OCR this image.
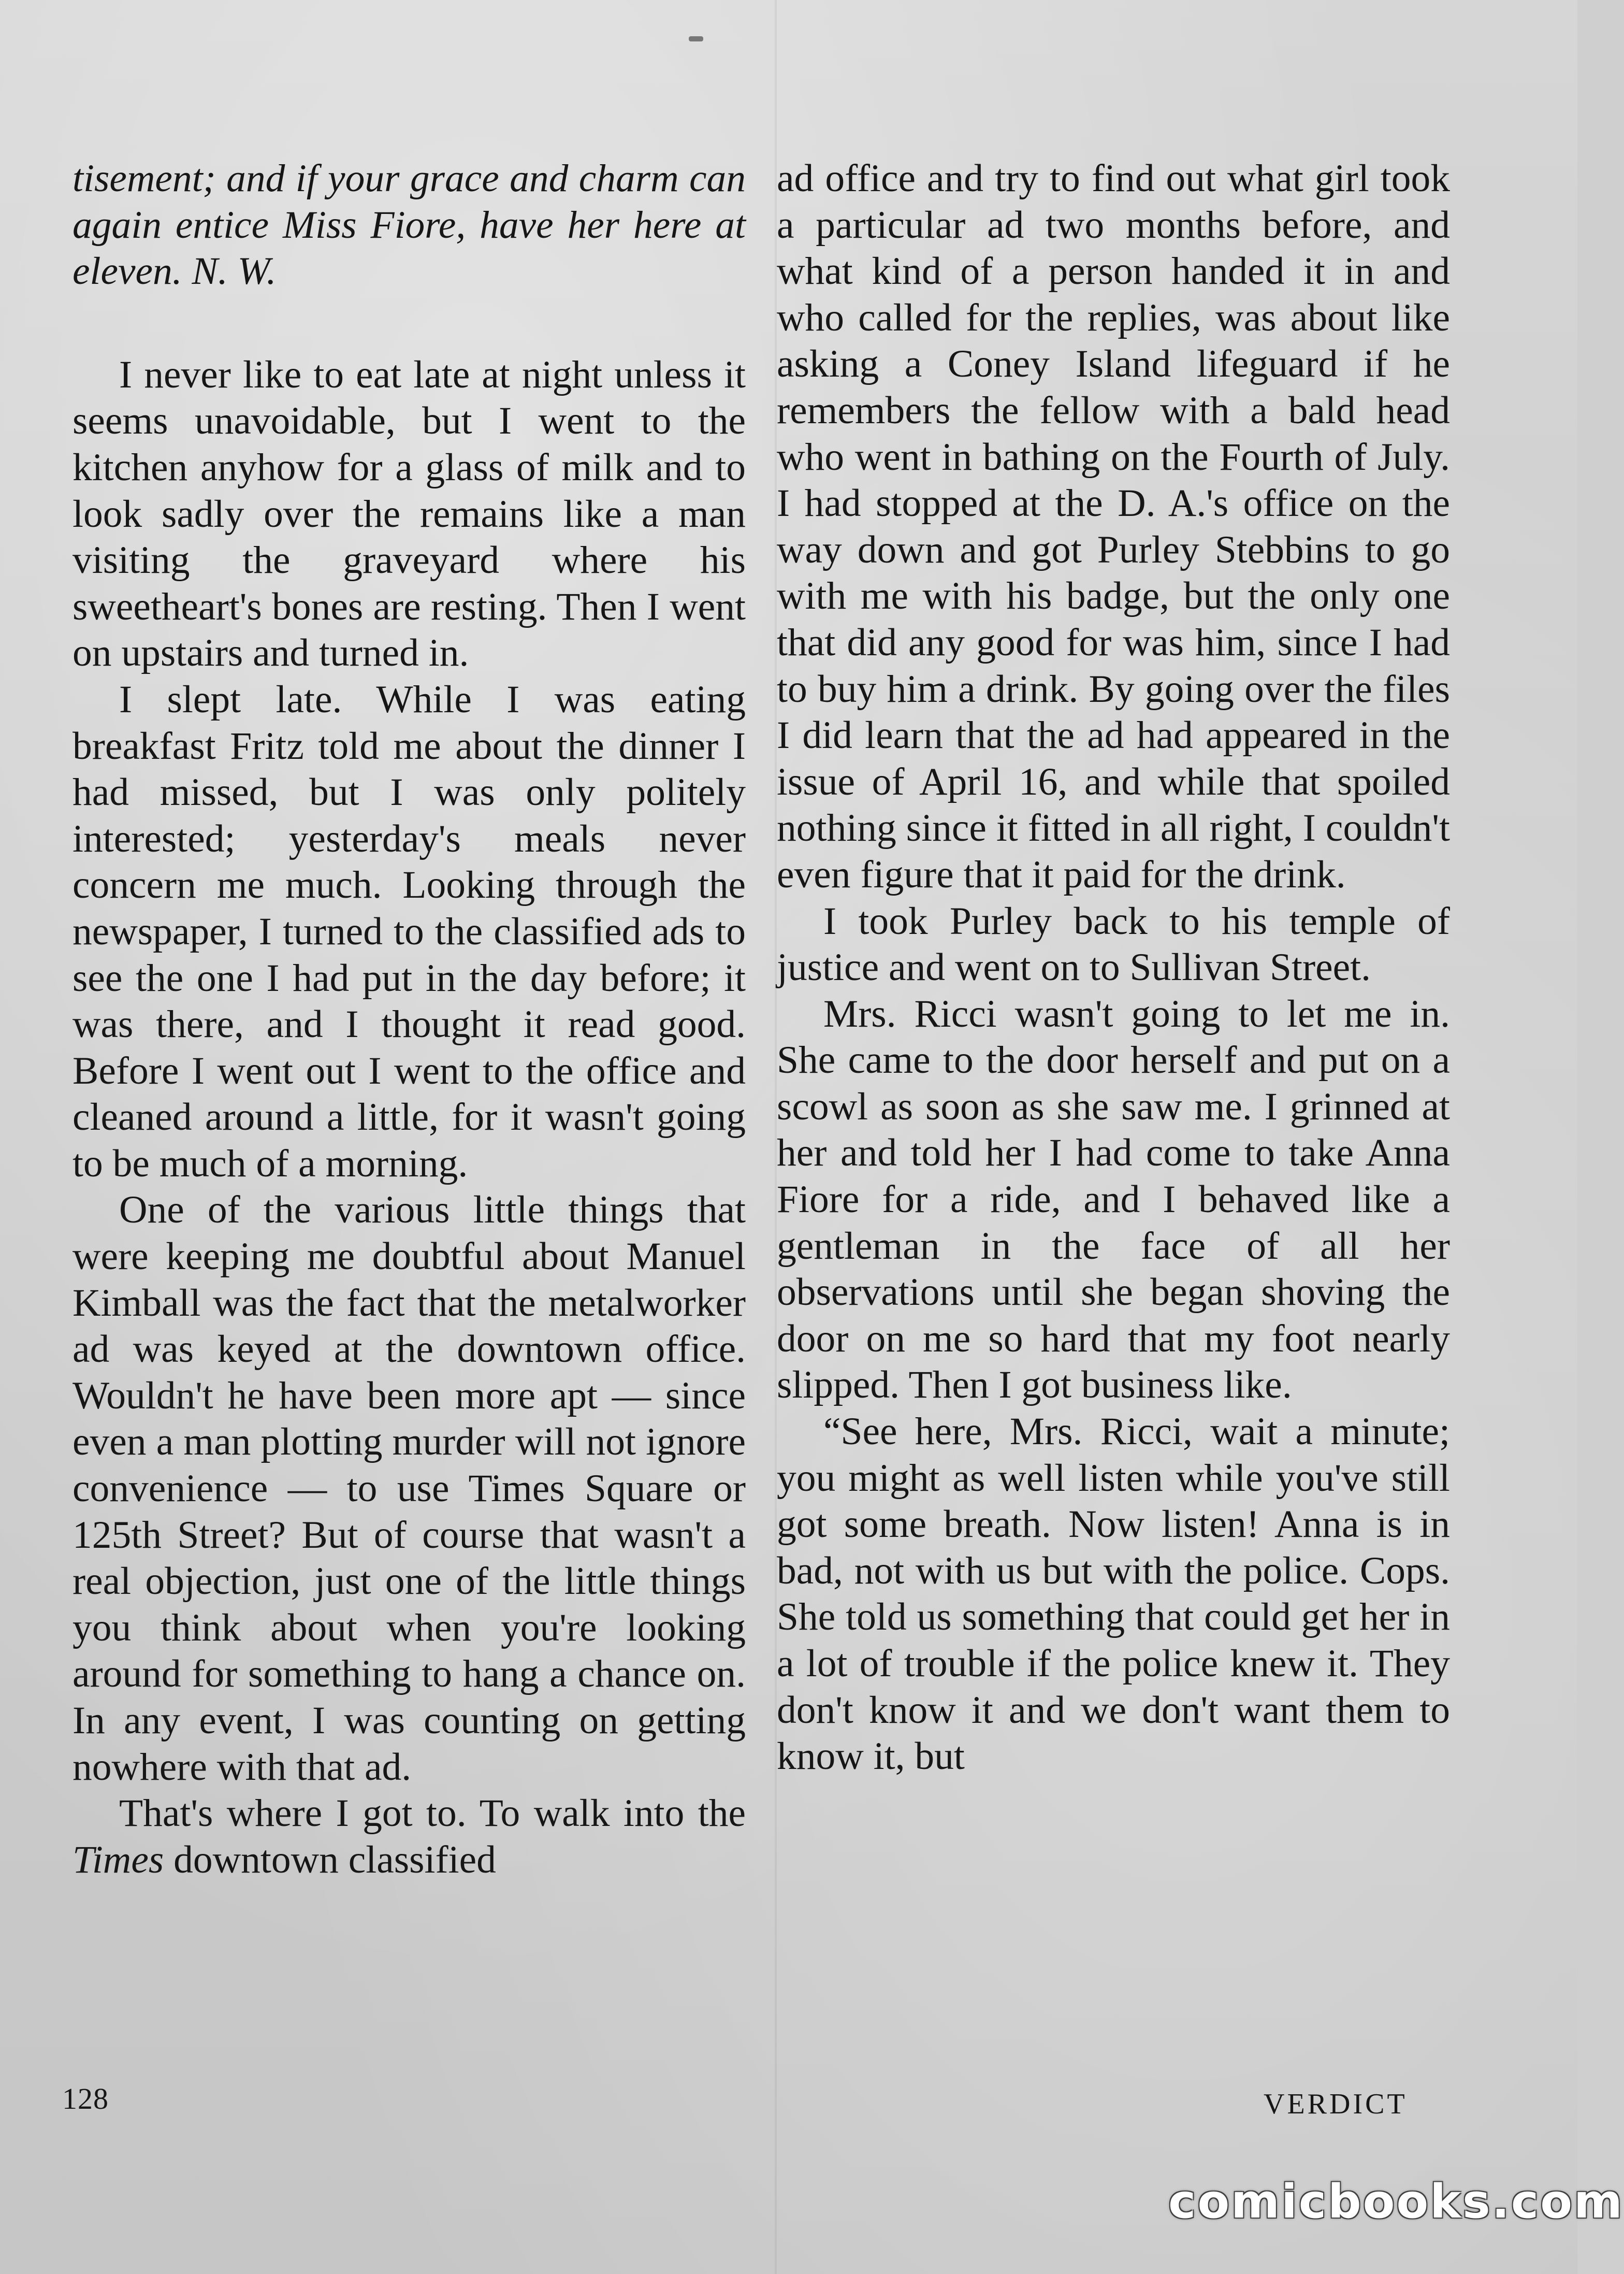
tisement; and if your grace and charm can again entice Miss Fiore, have her here at eleven. N. W.

I never like to eat late at night unless it seems unavoidable, but I went to the kitchen anyhow for a glass of milk and to look sadly over the remains like a man visiting the graveyard where his sweetheart's bones are resting. Then I went on upstairs and turned in.

I slept late. While I was eating breakfast Fritz told me about the dinner I had missed, but I was only politely interested; yesterday's meals never concern me much. Looking through the newspaper, I turned to the classified ads to see the one I had put in the day before; it was there, and I thought it read good. Before I went out I went to the office and cleaned around a little, for it wasn't going to be much of a morning.

One of the various little things that were keeping me doubtful about Manuel Kimball was the fact that the metalworker ad was keyed at the downtown office. Wouldn't he have been more apt — since even a man plotting murder will not ignore convenience — to use Times Square or 125th Street? But of course that wasn't a real objection, just one of the little things you think about when you're looking around for something to hang a chance on. In any event, I was counting on getting nowhere with that ad.

That's where I got to. To walk into the Times downtown classified

ad office and try to find out what girl took a particular ad two months before, and what kind of a person handed it in and who called for the replies, was about like asking a Coney Island lifeguard if he remembers the fellow with a bald head who went in bathing on the Fourth of July. I had stopped at the D. A.'s office on the way down and got Purley Stebbins to go with me with his badge, but the only one that did any good for was him, since I had to buy him a drink. By going over the files I did learn that the ad had appeared in the issue of April 16, and while that spoiled nothing since it fitted in all right, I couldn't even figure that it paid for the drink.

I took Purley back to his temple of justice and went on to Sullivan Street.

Mrs. Ricci wasn't going to let me in. She came to the door herself and put on a scowl as soon as she saw me. I grinned at her and told her I had come to take Anna Fiore for a ride, and I behaved like a gentleman in the face of all her observations until she began shoving the door on me so hard that my foot nearly slipped. Then I got business like.

“See here, Mrs. Ricci, wait a minute; you might as well listen while you've still got some breath. Now listen! Anna is in bad, not with us but with the police. Cops. She told us something that could get her in a lot of trouble if the police knew it. They don't know it and we don't want them to know it, but

128	VERDICT
comicbooks.com
